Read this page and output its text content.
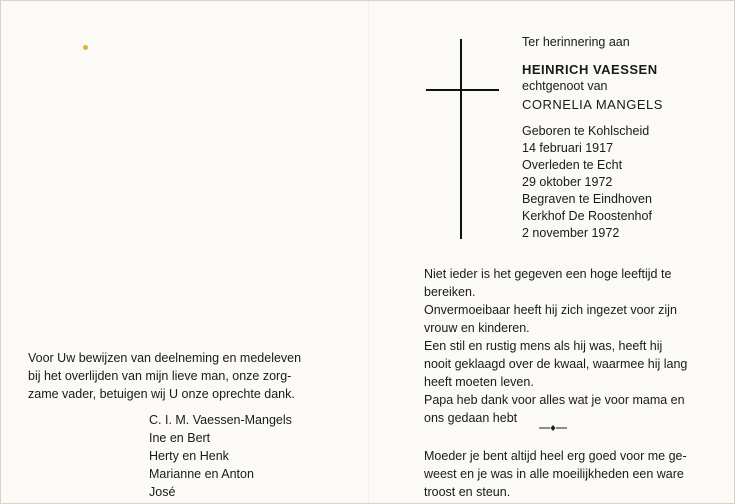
Ter herinnering aan

HEINRICH VAESSEN

echtgenoot van

CORNELIA MANGELS

Geboren te Kohlscheid

14 februari 1917

Overleden te Echt

29 oktober 1972

Begraven te Eindhoven

Kerkhof De Roostenhof

2 november 1972

Niet ieder is het gegeven een hoge leeftijd te
bereiken.
Onvermoeibaar heeft hij zich ingezet voor zijn
vrouw en kinderen.
Een stil en rustig mens als hij was, heeft hij
nooit geklaagd over de kwaal, waarmee hij lang
heeft moeten leven.
Papa heb dank voor alles wat je voor mama en
ons gedaan hebt
Moeder je bent altijd heel erg goed voor me ge-
weest en je was in alle moeilijkheden een ware
troost en steun.
Voor Uw bewijzen van deelneming en medeleven
bij het overlijden van mijn lieve man, onze zorg-
zame vader, betuigen wij U onze oprechte dank.
C. I. M. Vaessen-Mangels
Ine en Bert
Herty en Henk
Marianne en Anton
José
